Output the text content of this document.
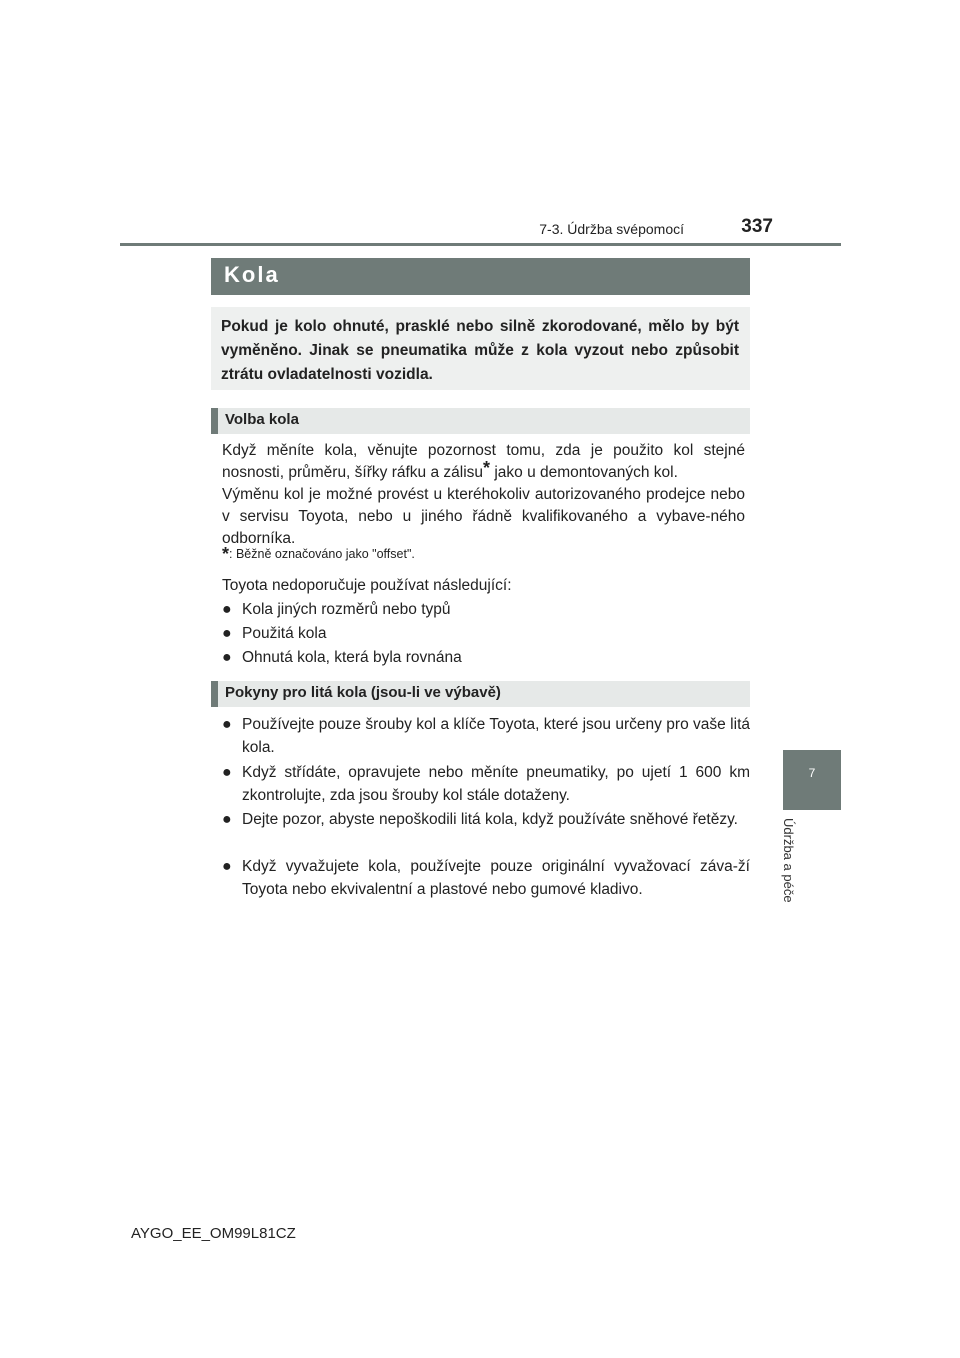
7-3. Údržba svépomocí	337
7
Údržba a péče
Kola
Pokud je kolo ohnuté, prasklé nebo silně zkorodované, mělo by být vyměněno. Jinak se pneumatika může z kola vyzout nebo způsobit ztrátu ovladatelnosti vozidla.
Volba kola
Když měníte kola, věnujte pozornost tomu, zda je použito kol stejné nosnosti, průměru, šířky ráfku a zálisu* jako u demontovaných kol.
Výměnu kol je možné provést u kteréhokoliv autorizovaného prodejce nebo v servisu Toyota, nebo u jiného řádně kvalifikovaného a vybave-ného odborníka.
*: Běžně označováno jako "offset".
Toyota nedoporučuje používat následující:
● Kola jiných rozměrů nebo typů
● Použitá kola
● Ohnutá kola, která byla rovnána
Pokyny pro litá kola (jsou-li ve výbavě)
● Používejte pouze šrouby kol a klíče Toyota, které jsou určeny pro vaše litá kola.
● Když střídáte, opravujete nebo měníte pneumatiky, po ujetí 1 600 km zkontrolujte, zda jsou šrouby kol stále dotaženy.
● Dejte pozor, abyste nepoškodili litá kola, když používáte sněhové řetězy.
● Když vyvažujete kola, používejte pouze originální vyvažovací záva-ží Toyota nebo ekvivalentní a plastové nebo gumové kladivo.
AYGO_EE_OM99L81CZ
